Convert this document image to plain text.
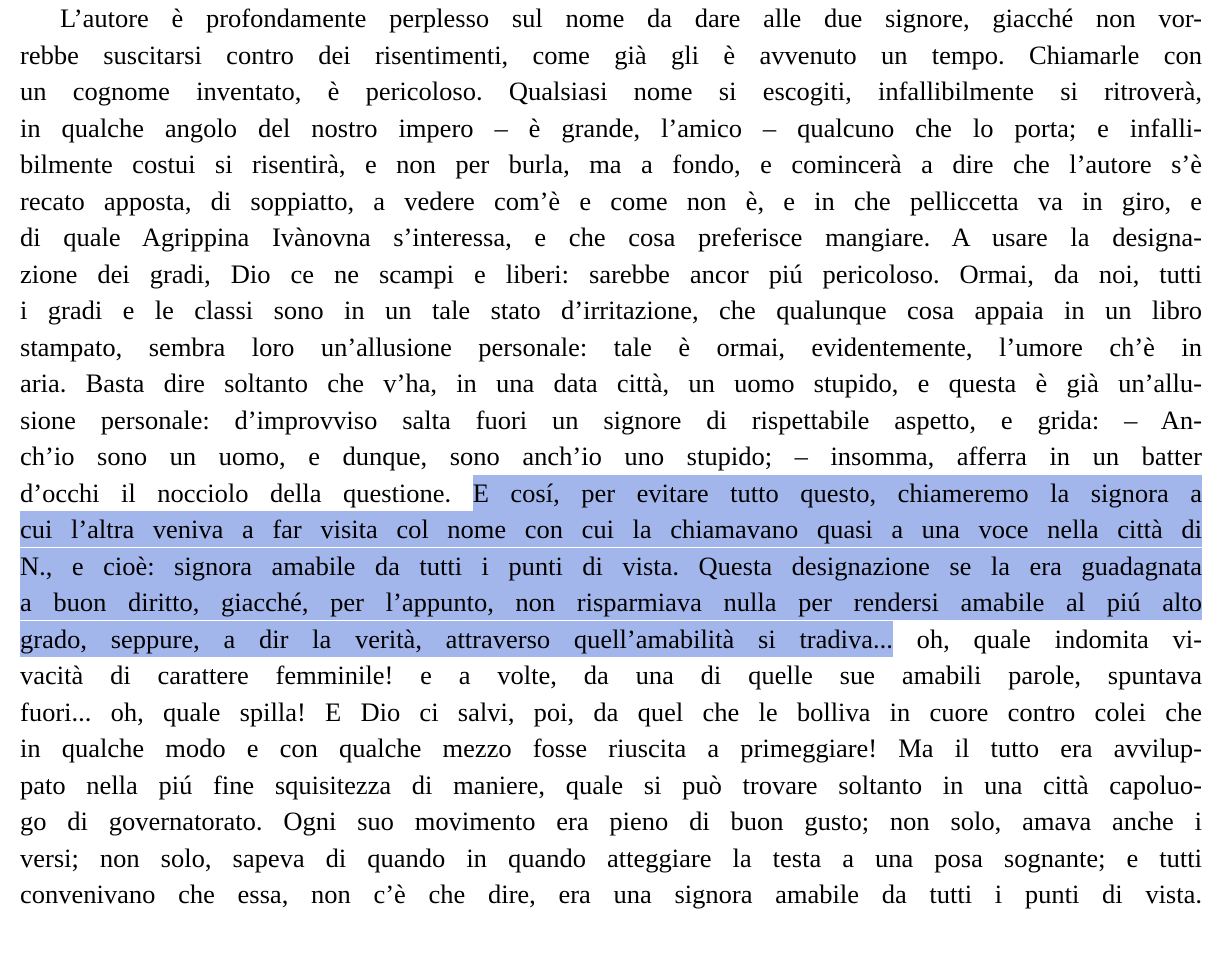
L’autore è profondamente perplesso sul nome da dare alle due signore, giacché non vor-
rebbe suscitarsi contro dei risentimenti, come già gli è avvenuto un tempo. Chiamarle con
un cognome inventato, è pericoloso. Qualsiasi nome si escogiti, infallibilmente si ritroverà,
in qualche angolo del nostro impero – è grande, l’amico – qualcuno che lo porta; e infalli-
bilmente costui si risentirà, e non per burla, ma a fondo, e comincerà a dire che l’autore s’è
recato apposta, di soppiatto, a vedere com’è e come non è, e in che pelliccetta va in giro, e
di quale Agrippina Ivànovna s’interessa, e che cosa preferisce mangiare. A usare la designa-
zione dei gradi, Dio ce ne scampi e liberi: sarebbe ancor piú pericoloso. Ormai, da noi, tutti
i gradi e le classi sono in un tale stato d’irritazione, che qualunque cosa appaia in un libro
stampato, sembra loro un’allusione personale: tale è ormai, evidentemente, l’umore ch’è in
aria. Basta dire soltanto che v’ha, in una data città, un uomo stupido, e questa è già un’allu-
sione personale: d’improvviso salta fuori un signore di rispettabile aspetto, e grida: – An-
ch’io sono un uomo, e dunque, sono anch’io uno stupido; – insomma, afferra in un batter
d’occhi il nocciolo della questione. E cosí, per evitare tutto questo, chiameremo la signora a
cui l’altra veniva a far visita col nome con cui la chiamavano quasi a una voce nella città di
N., e cioè: signora amabile da tutti i punti di vista. Questa designazione se la era guadagnata
a buon diritto, giacché, per l’appunto, non risparmiava nulla per rendersi amabile al piú alto
grado, seppure, a dir la verità, attraverso quell’amabilità si tradiva... oh, quale indomita vi-
vacità di carattere femminile! e a volte, da una di quelle sue amabili parole, spuntava
fuori... oh, quale spilla! E Dio ci salvi, poi, da quel che le bolliva in cuore contro colei che
in qualche modo e con qualche mezzo fosse riuscita a primeggiare! Ma il tutto era avvilup-
pato nella piú fine squisitezza di maniere, quale si può trovare soltanto in una città capoluo-
go di governatorato. Ogni suo movimento era pieno di buon gusto; non solo, amava anche i
versi; non solo, sapeva di quando in quando atteggiare la testa a una posa sognante; e tutti
convenivano che essa, non c’è che dire, era una signora amabile da tutti i punti di vista.
